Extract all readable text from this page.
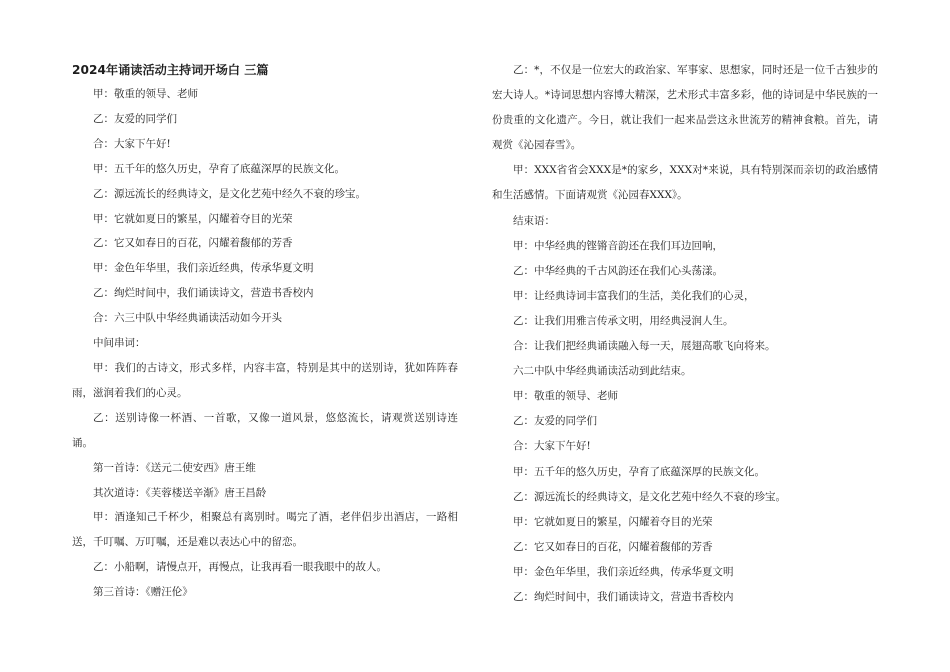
2024年诵读活动主持词开场白 三篇

甲：敬重的领导、老师

乙：友爱的同学们

合：大家下午好!

甲：五千年的悠久历史，孕育了底蕴深厚的民族文化。

乙：源远流长的经典诗文，是文化艺苑中经久不衰的珍宝。

甲：它就如夏日的繁星，闪耀着夺目的光荣

乙：它又如春日的百花，闪耀着馥郁的芳香

甲：金色年华里，我们亲近经典，传承华夏文明

乙：绚烂时间中，我们诵读诗文，营造书香校内

合：六三中队中华经典诵读活动如今开头

中间串词：

甲：我们的古诗文，形式多样，内容丰富，特别是其中的送别诗，犹如阵阵春雨，滋润着我们的心灵。

乙：送别诗像一杯酒、一首歌，又像一道风景，悠悠流长，请观赏送别诗连诵。

第一首诗：《送元二使安西》唐王维

其次道诗：《芙蓉楼送辛渐》唐王昌龄

甲：酒逢知己千杯少，相聚总有离别时。喝完了酒，老伴侣步出酒店，一路相送，千叮嘱、万叮嘱，还是难以表达心中的留恋。

乙：小船啊，请慢点开，再慢点，让我再看一眼我眼中的故人。

第三首诗：《赠汪伦》

乙：*，不仅是一位宏大的政治家、军事家、思想家，同时还是一位千古独步的宏大诗人。*诗词思想内容博大精深，艺术形式丰富多彩，他的诗词是中华民族的一份贵重的文化遗产。今日，就让我们一起来品尝这永世流芳的精神食粮。首先，请观赏《沁园春雪》。

甲：XXX省省会XXX是*的家乡，XXX对*来说，具有特别深而亲切的政治感情和生活感情。下面请观赏《沁园春XXX》。

结束语：

甲：中华经典的铿锵音韵还在我们耳边回响，

乙：中华经典的千古风韵还在我们心头荡漾。

甲：让经典诗词丰富我们的生活，美化我们的心灵，

乙：让我们用雅言传承文明，用经典浸润人生。

合：让我们把经典诵读融入每一天，展翅高歌飞向将来。

六二中队中华经典诵读活动到此结束。

甲：敬重的领导、老师

乙：友爱的同学们

合：大家下午好!

甲：五千年的悠久历史，孕育了底蕴深厚的民族文化。

乙：源远流长的经典诗文，是文化艺苑中经久不衰的珍宝。

甲：它就如夏日的繁星，闪耀着夺目的光荣

乙：它又如春日的百花，闪耀着馥郁的芳香

甲：金色年华里，我们亲近经典，传承华夏文明

乙：绚烂时间中，我们诵读诗文，营造书香校内
